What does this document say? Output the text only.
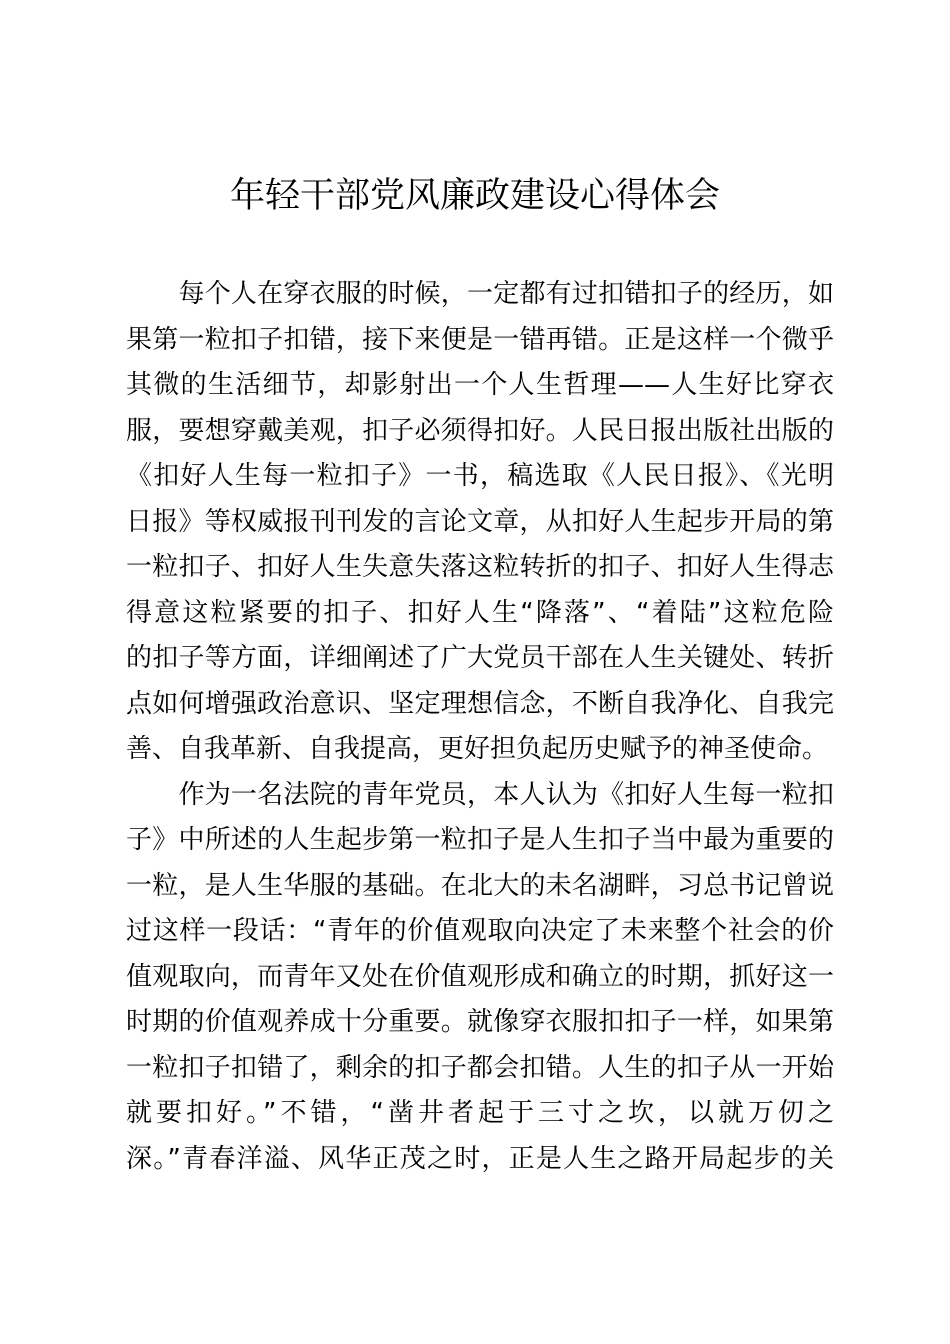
年轻干部党风廉政建设心得体会
　　每个人在穿衣服的时候，一定都有过扣错扣子的经历，如
果第一粒扣子扣错，接下来便是一错再错。正是这样一个微乎
其微的生活细节，却影射出一个人生哲理——人生好比穿衣
服，要想穿戴美观，扣子必须得扣好。人民日报出版社出版的
《扣好人生每一粒扣子》一书，稿选取《人民日报》、《光明
日报》等权威报刊刊发的言论文章，从扣好人生起步开局的第
一粒扣子、扣好人生失意失落这粒转折的扣子、扣好人生得志
得意这粒紧要的扣子、扣好人生“降落”、“着陆”这粒危险
的扣子等方面，详细阐述了广大党员干部在人生关键处、转折
点如何增强政治意识、坚定理想信念，不断自我净化、自我完
善、自我革新、自我提高，更好担负起历史赋予的神圣使命。
　　作为一名法院的青年党员，本人认为《扣好人生每一粒扣
子》中所述的人生起步第一粒扣子是人生扣子当中最为重要的
一粒，是人生华服的基础。在北大的未名湖畔，习总书记曾说
过这样一段话：“青年的价值观取向决定了未来整个社会的价
值观取向，而青年又处在价值观形成和确立的时期，抓好这一
时期的价值观养成十分重要。就像穿衣服扣扣子一样，如果第
一粒扣子扣错了，剩余的扣子都会扣错。人生的扣子从一开始
就要扣好。”不错，“凿井者起于三寸之坎，以就万仞之
深。”青春洋溢、风华正茂之时，正是人生之路开局起步的关
